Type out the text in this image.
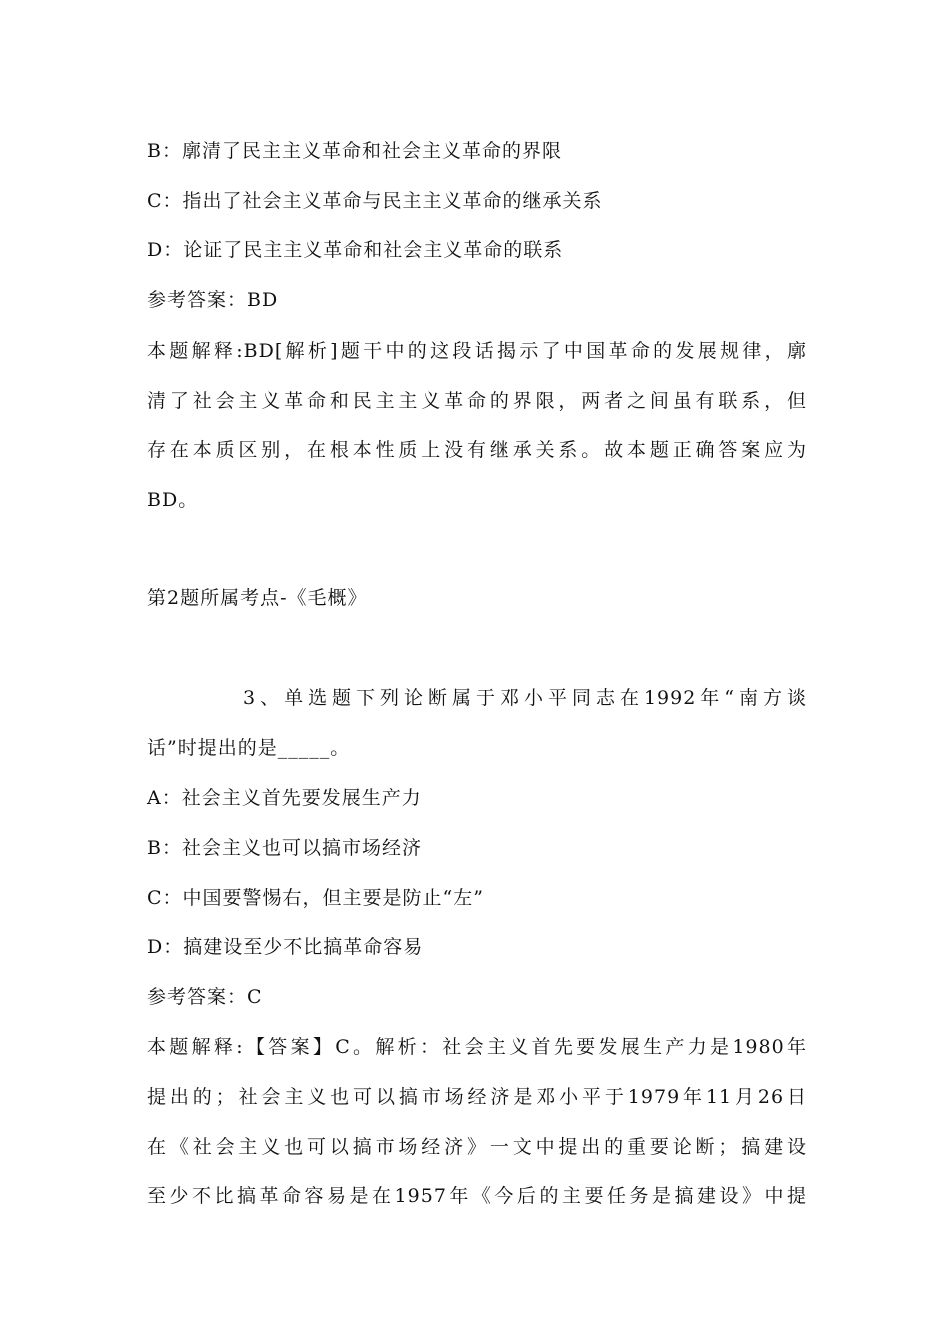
B：廓清了民主主义革命和社会主义革命的界限
C：指出了社会主义革命与民主主义革命的继承关系
D：论证了民主主义革命和社会主义革命的联系
参考答案：BD
本题解释:BD[解析]题干中的这段话揭示了中国革命的发展规律，廓
清了社会主义革命和民主主义革命的界限，两者之间虽有联系，但
存在本质区别，在根本性质上没有继承关系。故本题正确答案应为
BD。
第2题所属考点-《毛概》
3、单选题下列论断属于邓小平同志在1992年“南方谈
话”时提出的是_____。
A：社会主义首先要发展生产力
B：社会主义也可以搞市场经济
C：中国要警惕右，但主要是防止“左”
D：搞建设至少不比搞革命容易
参考答案：C
本题解释:【答案】C。解析：社会主义首先要发展生产力是1980年
提出的；社会主义也可以搞市场经济是邓小平于1979年11月26日
在《社会主义也可以搞市场经济》一文中提出的重要论断；搞建设
至少不比搞革命容易是在1957年《今后的主要任务是搞建设》中提
